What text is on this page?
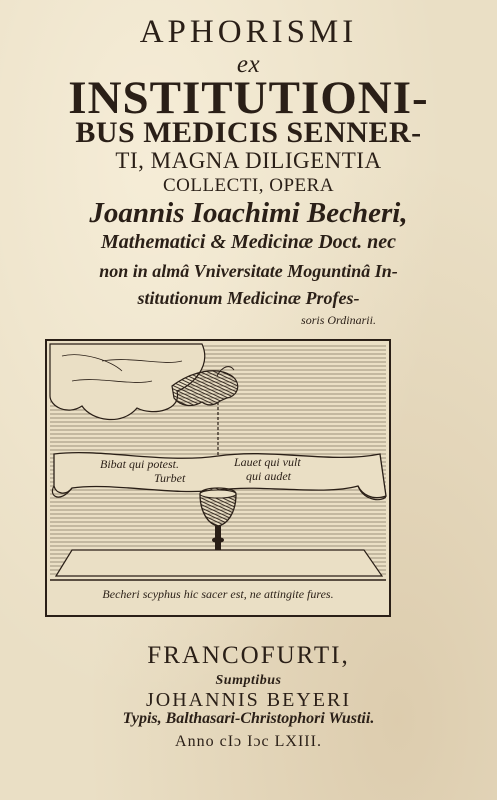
APHORISMI
ex
INSTITUTIONI-
BUS MEDICIS SENNER-
TI, MAGNA DILIGENTIA
COLLECTI, OPERA
Joannis Ioachimi Becheri,
Mathematici & Medicinæ Doct. nec
non in almâ Vniversitate Moguntinâ In-
stitutionum Medicinæ Profes-
soris Ordinarii.
Bibat qui potest.
Turbet
Lauet qui vult
qui audet
Becheri scyphus hic sacer est, ne attingite fures.
FRANCOFURTI,
Sumptibus
JOHANNIS BEYERI
Typis, Balthasari-Christophori Wustii.
Anno cIɔ Iɔc LXIII.
